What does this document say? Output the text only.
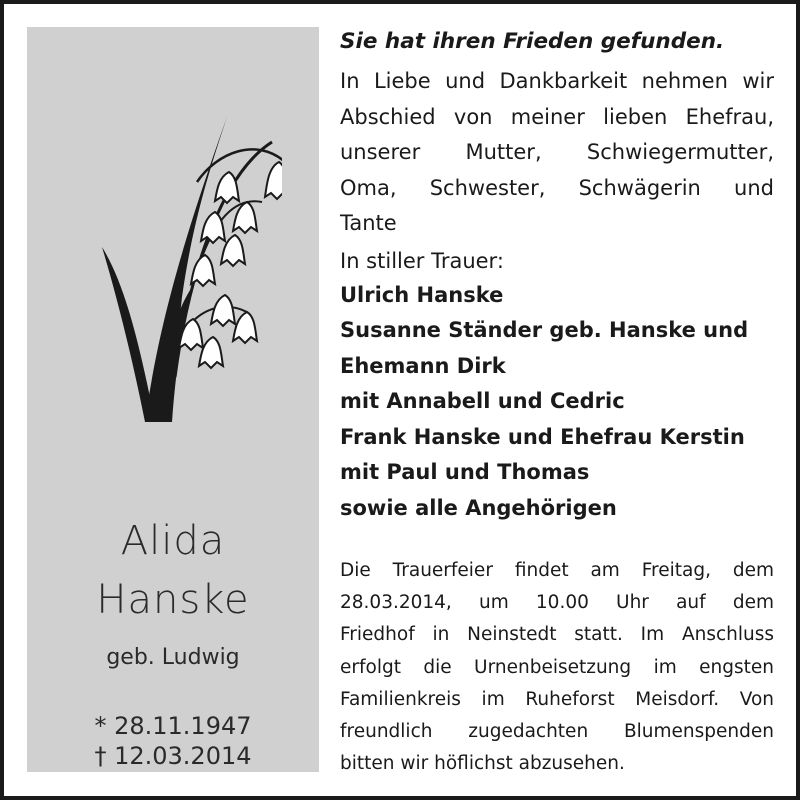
Alida
Hanske
geb. Ludwig
* 28.11.1947
† 12.03.2014
Sie hat ihren Frieden gefunden.
In Liebe und Dankbarkeit nehmen wir
Abschied von meiner lieben Ehefrau,
unserer Mutter, Schwiegermutter,
Oma, Schwester, Schwägerin und
Tante
In stiller Trauer:
Ulrich Hanske
Susanne Ständer geb. Hanske und
Ehemann Dirk
mit Annabell und Cedric
Frank Hanske und Ehefrau Kerstin
mit Paul und Thomas
sowie alle Angehörigen
Die Trauerfeier findet am Freitag, dem
28.03.2014, um 10.00 Uhr auf dem
Friedhof in Neinstedt statt. Im Anschluss
erfolgt die Urnenbeisetzung im engsten
Familienkreis im Ruheforst Meisdorf. Von
freundlich zugedachten Blumenspenden
bitten wir höflichst abzusehen.
